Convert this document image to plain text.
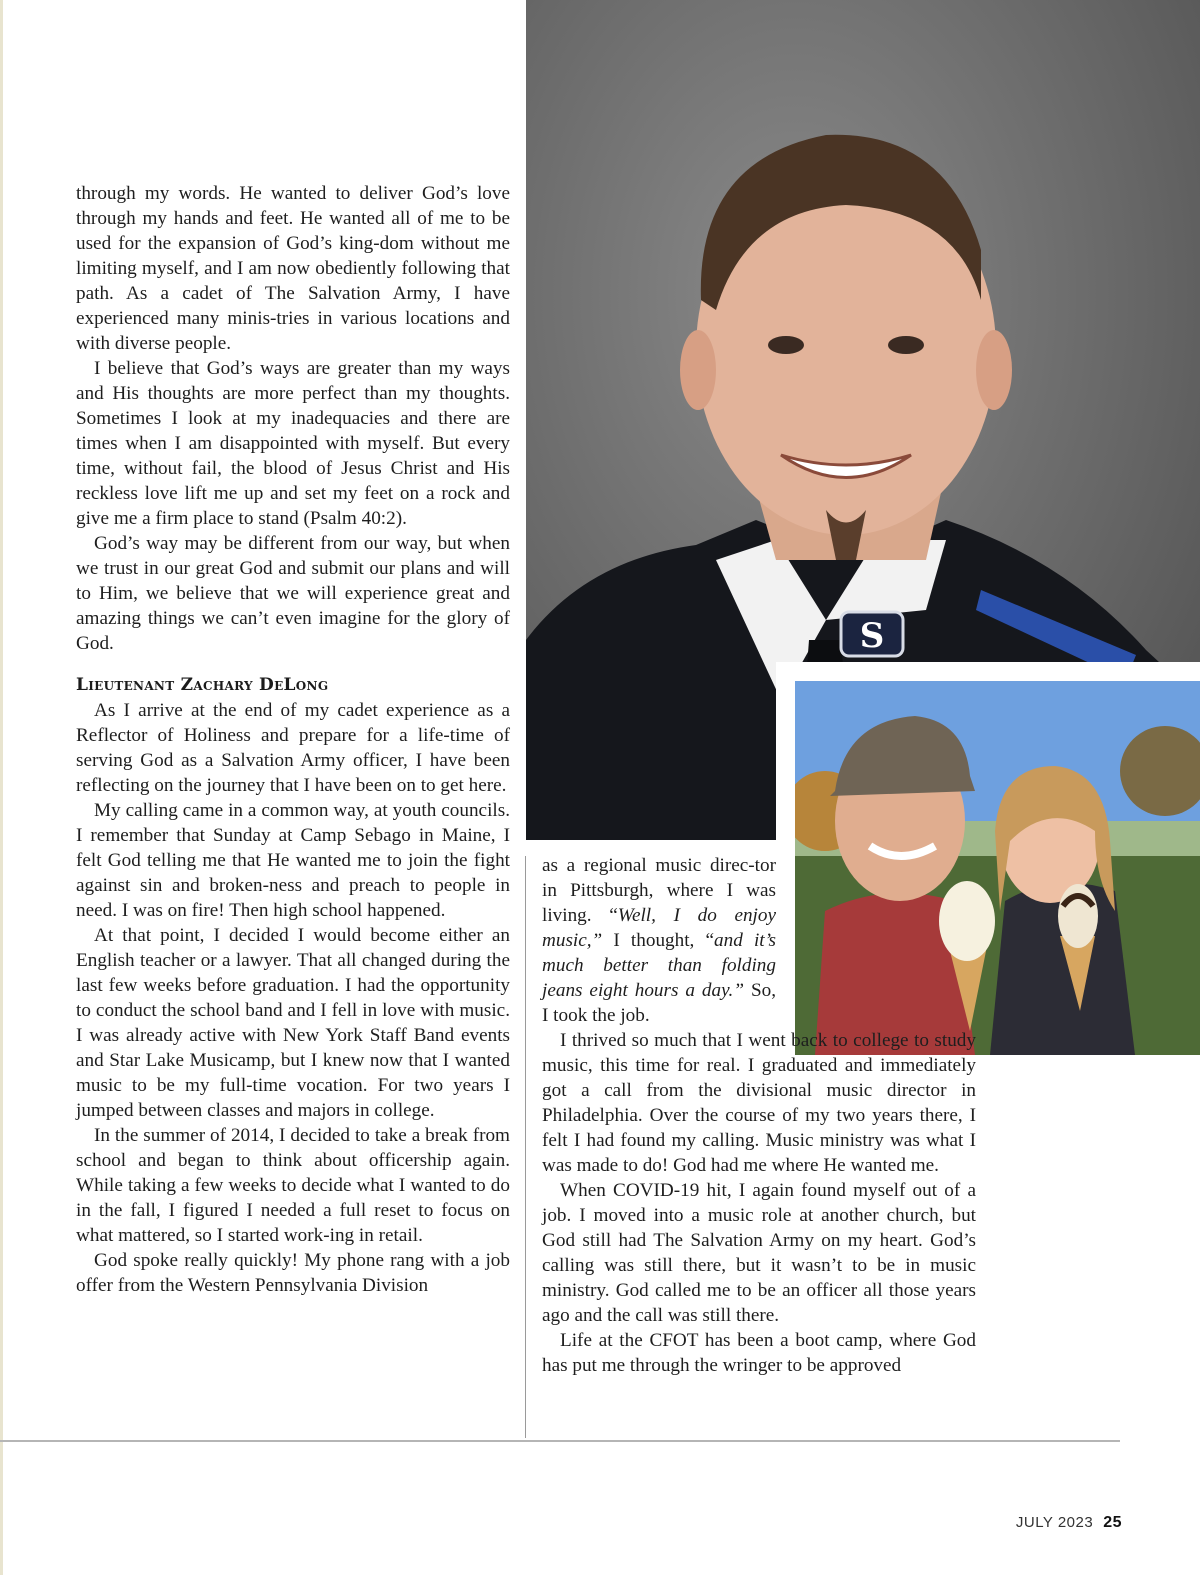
S

through my words. He wanted to deliver God’s love through my hands and feet. He wanted all of me to be used for the expansion of God’s king-dom without me limiting myself, and I am now obediently following that path. As a cadet of The Salvation Army, I have experienced many minis-tries in various locations and with diverse people.

I believe that God’s ways are greater than my ways and His thoughts are more perfect than my thoughts. Sometimes I look at my inadequacies and there are times when I am disappointed with myself. But every time, without fail, the blood of Jesus Christ and His reckless love lift me up and set my feet on a rock and give me a firm place to stand (Psalm 40:2).

God’s way may be different from our way, but when we trust in our great God and submit our plans and will to Him, we believe that we will experience great and amazing things we can’t even imagine for the glory of God.

Lieutenant Zachary DeLong

As I arrive at the end of my cadet experience as a Reflector of Holiness and prepare for a life-time of serving God as a Salvation Army officer, I have been reflecting on the journey that I have been on to get here.

My calling came in a common way, at youth councils. I remember that Sunday at Camp Sebago in Maine, I felt God telling me that He wanted me to join the fight against sin and broken-ness and preach to people in need. I was on fire! Then high school happened.

At that point, I decided I would become either an English teacher or a lawyer. That all changed during the last few weeks before graduation. I had the opportunity to conduct the school band and I fell in love with music. I was already active with New York Staff Band events and Star Lake Musicamp, but I knew now that I wanted music to be my full-time vocation. For two years I jumped between classes and majors in college.

In the summer of 2014, I decided to take a break from school and began to think about officership again. While taking a few weeks to decide what I wanted to do in the fall, I figured I needed a full reset to focus on what mattered, so I started work-ing in retail.

God spoke really quickly! My phone rang with a job offer from the Western Pennsylvania Division

as a regional music direc-tor in Pittsburgh, where I was living. “Well, I do enjoy music,” I thought, “and it’s much better than folding jeans eight hours a day.” So, I took the job.

I thrived so much that I went back to college to study music, this time for real. I graduated and immediately got a call from the divisional music director in Philadelphia. Over the course of my two years there, I felt I had found my calling. Music ministry was what I was made to do! God had me where He wanted me.

When COVID-19 hit, I again found myself out of a job. I moved into a music role at another church, but God still had The Salvation Army on my heart. God’s calling was still there, but it wasn’t to be in music ministry. God called me to be an officer all those years ago and the call was still there.

Life at the CFOT has been a boot camp, where God has put me through the wringer to be approved

JULY 2023 25
